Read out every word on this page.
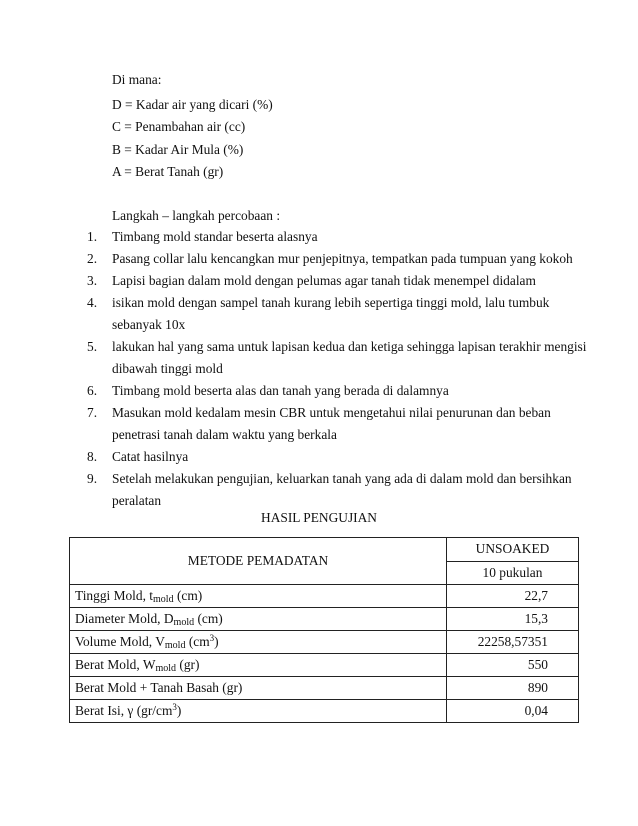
Di mana:
D = Kadar air yang dicari (%)
C = Penambahan air (cc)
B = Kadar Air Mula (%)
A = Berat Tanah (gr)
Langkah – langkah percobaan :
1. Timbang mold standar beserta alasnya
2. Pasang collar lalu kencangkan mur penjepitnya, tempatkan pada tumpuan yang kokoh
3. Lapisi bagian dalam mold dengan pelumas agar tanah tidak menempel didalam
4. isikan mold dengan sampel tanah kurang lebih sepertiga tinggi mold, lalu tumbuk
sebanyak 10x
5. lakukan hal yang sama untuk lapisan kedua dan ketiga sehingga lapisan terakhir mengisi
dibawah tinggi mold
6. Timbang mold beserta alas dan tanah yang berada di dalamnya
7. Masukan mold kedalam mesin CBR untuk mengetahui nilai penurunan dan beban
penetrasi tanah dalam waktu yang berkala
8. Catat hasilnya
9. Setelah melakukan pengujian, keluarkan tanah yang ada di dalam mold dan bersihkan
peralatan
HASIL PENGUJIAN
METODE PEMADATAN	UNSOAKED
	10 pukulan
Tinggi Mold, $t_{mold}$ (cm)	22,7
Diameter Mold, $D_{mold}$ (cm)	15,3
Volume Mold, $V_{mold}$ $(cm^3)$	22258,57351
Berat Mold, $W_{mold}$ (gr)	550
Berat Mold + Tanah Basah (gr)	890
Berat Isi, γ $(gr/cm^3)$	0,04
